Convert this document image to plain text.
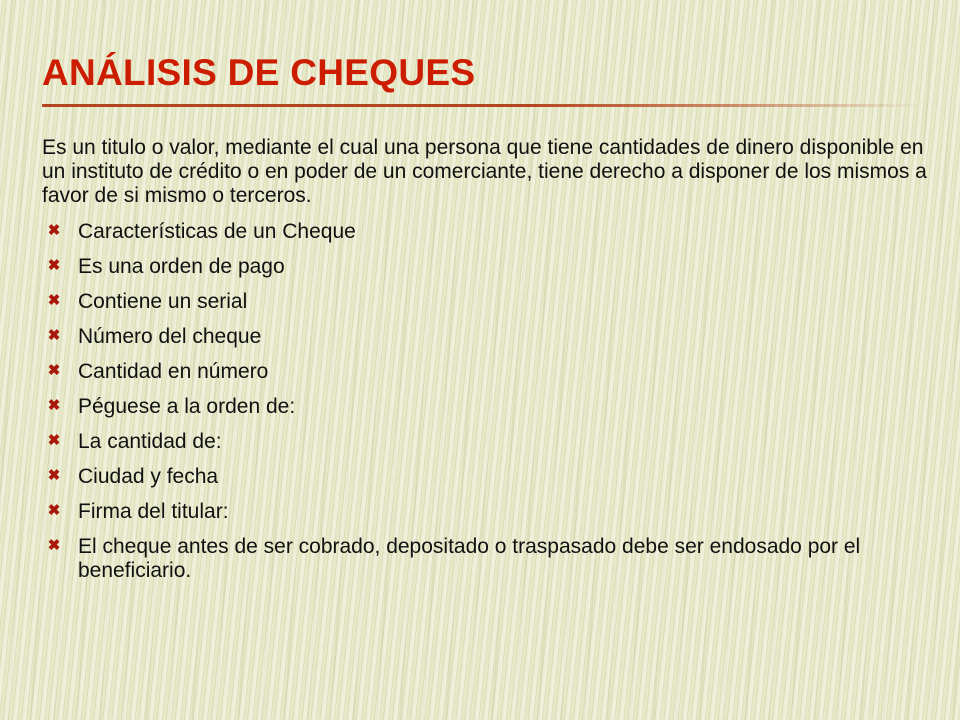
ANÁLISIS DE CHEQUES

Es un titulo o valor, mediante el cual una persona que tiene cantidades de dinero disponible en un instituto de crédito o en poder de un comerciante, tiene derecho a disponer de los mismos a favor de si mismo o terceros.

✖ Características de un Cheque
✖ Es una orden de pago
✖ Contiene un serial
✖ Número del cheque
✖ Cantidad en número
✖ Péguese a la orden de:
✖ La cantidad de:
✖ Ciudad y fecha
✖ Firma del titular:
✖ El cheque antes de ser cobrado, depositado o traspasado debe ser endosado por el beneficiario.
